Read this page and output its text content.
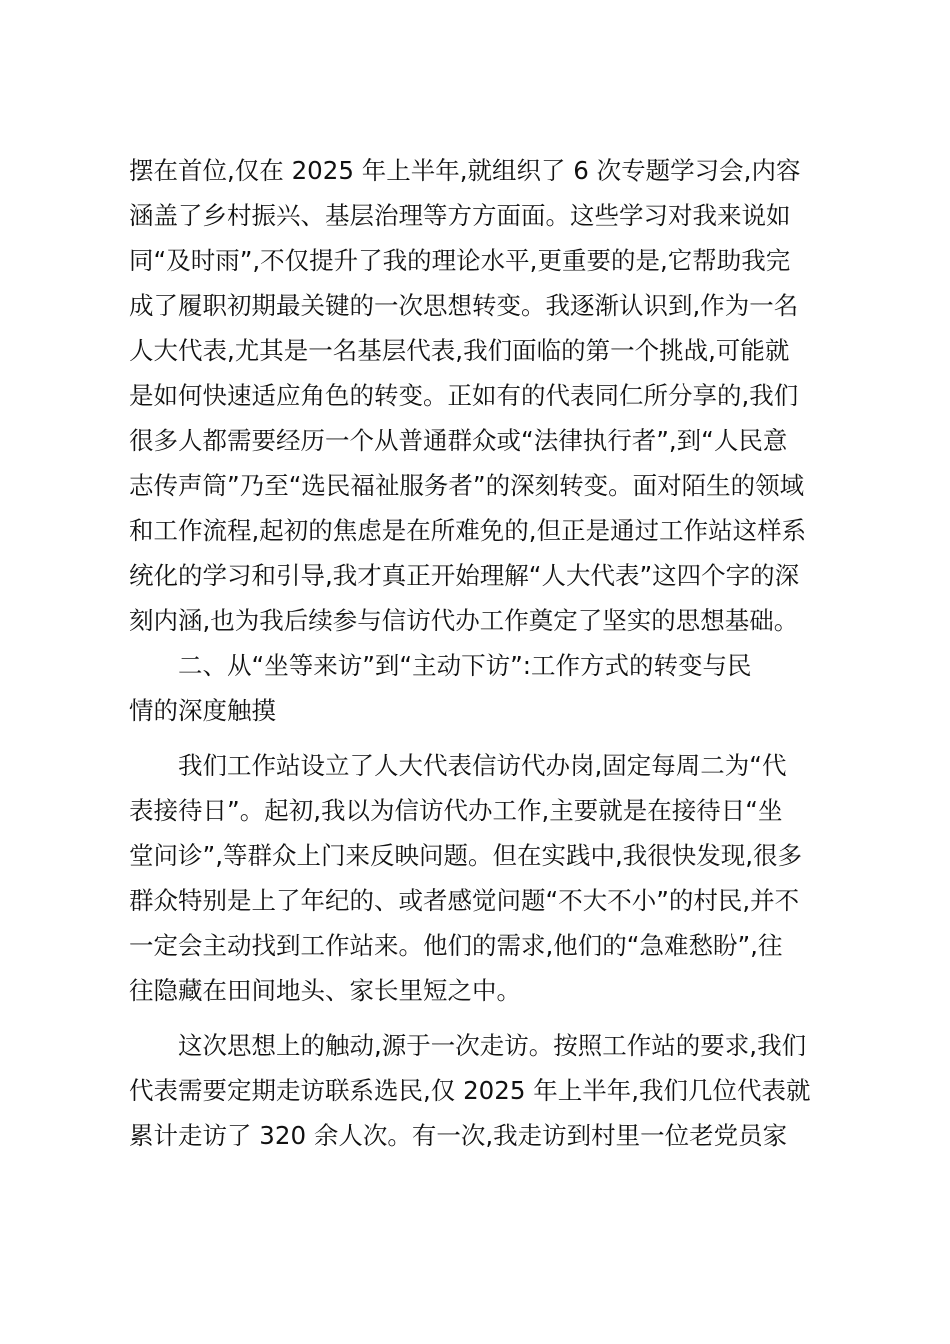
摆在首位,仅在 2025 年上半年,就组织了 6 次专题学习会,内容
涵盖了乡村振兴、基层治理等方方面面。这些学习对我来说如
同“及时雨”,不仅提升了我的理论水平,更重要的是,它帮助我完
成了履职初期最关键的一次思想转变。我逐渐认识到,作为一名
人大代表,尤其是一名基层代表,我们面临的第一个挑战,可能就
是如何快速适应角色的转变。正如有的代表同仁所分享的,我们
很多人都需要经历一个从普通群众或“法律执行者”,到“人民意
志传声筒”乃至“选民福祉服务者”的深刻转变。面对陌生的领域
和工作流程,起初的焦虑是在所难免的,但正是通过工作站这样系
统化的学习和引导,我才真正开始理解“人大代表”这四个字的深
刻内涵,也为我后续参与信访代办工作奠定了坚实的思想基础。
二、从“坐等来访”到“主动下访”:工作方式的转变与民
情的深度触摸
我们工作站设立了人大代表信访代办岗,固定每周二为“代
表接待日”。起初,我以为信访代办工作,主要就是在接待日“坐
堂问诊”,等群众上门来反映问题。但在实践中,我很快发现,很多
群众特别是上了年纪的、或者感觉问题“不大不小”的村民,并不
一定会主动找到工作站来。他们的需求,他们的“急难愁盼”,往
往隐藏在田间地头、家长里短之中。
这次思想上的触动,源于一次走访。按照工作站的要求,我们
代表需要定期走访联系选民,仅 2025 年上半年,我们几位代表就
累计走访了 320 余人次。有一次,我走访到村里一位老党员家
